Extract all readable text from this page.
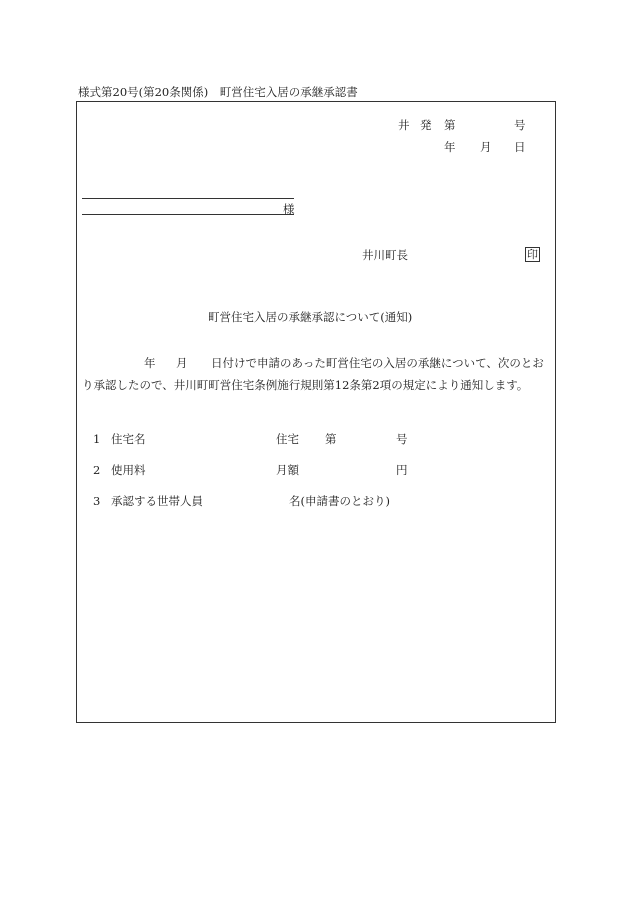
様式第20号(第20条関係)　町営住宅入居の承継承認書
井 発 第	号
年 月 日
様
井川町長	印
町営住宅入居の承継承認について(通知)
年 月 日付けで申請のあった町営住宅の入居の承継について、次のとお
り承認したので、井川町町営住宅条例施行規則第12条第2項の規定により通知します。
1 住宅名	住宅 第	号
2 使用料	月額	円
3 承認する世帯人員	名(申請書のとおり)
